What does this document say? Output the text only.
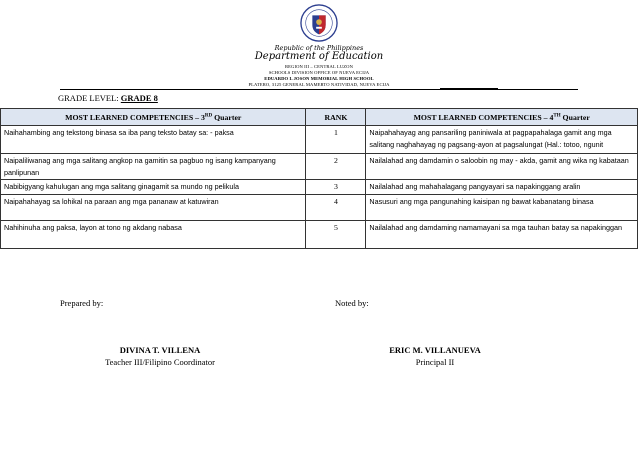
Republic of the Philippines
Department of Education
REGION III – CENTRAL LUZON
SCHOOLS DIVISION OFFICE OF NUEVA ECIJA
EDUARDO L JOSON MEMORIAL HIGH SCHOOL
PLATERO, 3125 GENERAL MAMERTO NATIVIDAD, NUEVA ECIJA
GRADE LEVEL: GRADE 8
MOST LEARNED COMPETENCIES – 3RD Quarter	RANK	MOST LEARNED COMPETENCIES – 4TH Quarter
Naihahambing ang tekstong binasa sa iba pang teksto batay sa: - paksa	1	Naipahahayag ang pansariling paniniwala at pagpapahalaga gamit ang mga salitang naghahayag ng pagsang-ayon at pagsalungat (Hal.: totoo, ngunit
Naipaliliwanag ang mga salitang angkop na gamitin sa pagbuo ng isang kampanyang panlipunan	2	Nailalahad ang damdamin o saloobin ng may - akda, gamit ang wika ng kabataan
Nabibigyang kahulugan ang mga salitang ginagamit sa mundo ng pelikula	3	Nailalahad ang mahahalagang pangyayari sa napakinggang aralin
Naipahahayag sa lohikal na paraan ang mga pananaw at katuwiran	4	Nasusuri ang mga pangunahing kaisipan ng bawat kabanatang binasa
Nahihinuha ang paksa, layon at tono ng akdang nabasa	5	Nailalahad ang damdaming namamayani sa mga tauhan batay sa napakinggan
Prepared by:	Noted by:
DIVINA T. VILLENA
Teacher III/Filipino Coordinator
ERIC M. VILLANUEVA
Principal II
